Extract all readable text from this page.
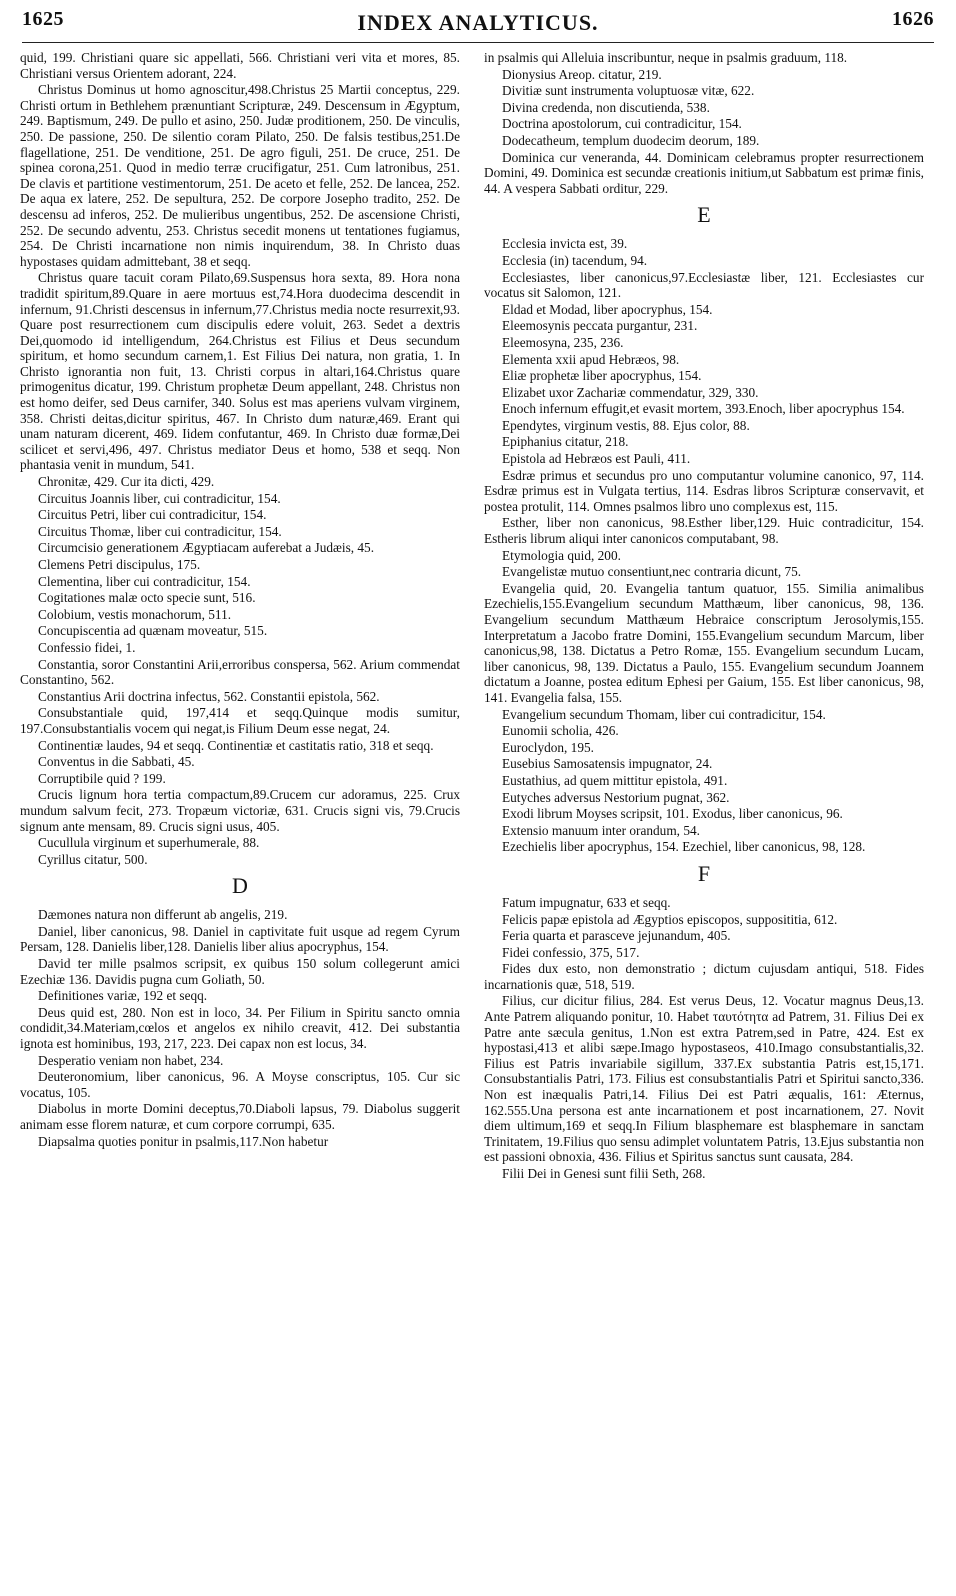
1625	INDEX ANALYTICUS.	1626
quid, 199. Christiani quare sic appellati, 566. Christiani veri vita et mores, 85. Christiani versus Orientem adorant, 224.
Christus Dominus ut homo agnoscitur,498.Christus 25 Martii conceptus, 229. Christi ortum in Bethlehem prænuntiant Scripturæ, 249. Descensum in Ægyptum, 249. Baptismum, 249. De pullo et asino, 250. Judæ proditionem, 250. De vinculis, 250. De passione, 250. De silentio coram Pilato, 250. De falsis testibus,251.De flagellatione, 251. De venditione, 251. De agro figuli, 251. De cruce, 251. De spinea corona,251. Quod in medio terræ crucifigatur, 251. Cum latronibus, 251. De clavis et partitione vestimentorum, 251. De aceto et felle, 252. De lancea, 252. De aqua ex latere, 252. De sepultura, 252. De corpore Josepho tradito, 252. De descensu ad inferos, 252. De mulieribus ungentibus, 252. De ascensione Christi, 252. De secundo adventu, 253. Christus secedit monens ut tentationes fugiamus, 254. De Christi incarnatione non nimis inquirendum, 38. In Christo duas hypostases quidam admittebant, 38 et seqq.
Christus quare tacuit coram Pilato,69.Suspensus hora sexta, 89. Hora nona tradidit spiritum,89.Quare in aere mortuus est,74.Hora duodecima descendit in infernum, 91.Christi descensus in infernum,77.Christus media nocte resurrexit,93. Quare post resurrectionem cum discipulis edere voluit, 263. Sedet a dextris Dei,quomodo id intelligendum, 264.Christus est Filius et Deus secundum spiritum, et homo secundum carnem,1. Est Filius Dei natura, non gratia, 1. In Christo ignorantia non fuit, 13. Christi corpus in altari,164.Christus quare primogenitus dicatur, 199. Christum prophetæ Deum appellant, 248. Christus non est homo deifer, sed Deus carnifer, 340. Solus est mas aperiens vulvam virginem, 358. Christi deitas,dicitur spiritus, 467. In Christo dum naturæ,469. Erant qui unam naturam dicerent, 469. Iidem confutantur, 469. In Christo duæ formæ,Dei scilicet et servi,496, 497. Christus mediator Deus et homo, 538 et seqq. Non phantasia venit in mundum, 541.
Chronitæ, 429. Cur ita dicti, 429.
Circuitus Joannis liber, cui contradicitur, 154.
Circuitus Petri, liber cui contradicitur, 154.
Circuitus Thomæ, liber cui contradicitur, 154.
Circumcisio generationem Ægyptiacam auferebat a Judæis, 45.
Clemens Petri discipulus, 175.
Clementina, liber cui contradicitur, 154.
Cogitationes malæ octo specie sunt, 516.
Colobium, vestis monachorum, 511.
Concupiscentia ad quænam moveatur, 515.
Confessio fidei, 1.
Constantia, soror Constantini Arii,erroribus conspersa, 562. Arium commendat Constantino, 562.
Constantius Arii doctrina infectus, 562. Constantii epistola, 562.
Consubstantiale quid, 197,414 et seqq.Quinque modis sumitur, 197.Consubstantialis vocem qui negat,is Filium Deum esse negat, 24.
Continentiæ laudes, 94 et seqq. Continentiæ et castitatis ratio, 318 et seqq.
Conventus in die Sabbati, 45.
Corruptibile quid ? 199.
Crucis lignum hora tertia compactum,89.Crucem cur adoramus, 225. Crux mundum salvum fecit, 273. Tropæum victoriæ, 631. Crucis signi vis, 79.Crucis signum ante mensam, 89. Crucis signi usus, 405.
Cucullula virginum et superhumerale, 88.
Cyrillus citatur, 500.
D
Dæmones natura non differunt ab angelis, 219.
Daniel, liber canonicus, 98. Daniel in captivitate fuit usque ad regem Cyrum Persam, 128. Danielis liber,128. Danielis liber alius apocryphus, 154.
David ter mille psalmos scripsit, ex quibus 150 solum collegerunt amici Ezechiæ 136. Davidis pugna cum Goliath, 50.
Definitiones variæ, 192 et seqq.
Deus quid est, 280. Non est in loco, 34. Per Filium in Spiritu sancto omnia condidit,34.Materiam,cœlos et angelos ex nihilo creavit, 412. Dei substantia ignota est hominibus, 193, 217, 223. Dei capax non est locus, 34.
Desperatio veniam non habet, 234.
Deuteronomium, liber canonicus, 96. A Moyse conscriptus, 105. Cur sic vocatus, 105.
Diabolus in morte Domini deceptus,70.Diaboli lapsus, 79. Diabolus suggerit animam esse florem naturæ, et cum corpore corrumpi, 635.
Diapsalma quoties ponitur in psalmis,117.Non habetur
in psalmis qui Alleluia inscribuntur, neque in psalmis graduum, 118.
Dionysius Areop. citatur, 219.
Divitiæ sunt instrumenta voluptuosæ vitæ, 622.
Divina credenda, non discutienda, 538.
Doctrina apostolorum, cui contradicitur, 154.
Dodecatheum, templum duodecim deorum, 189.
Dominica cur veneranda, 44. Dominicam celebramus propter resurrectionem Domini, 49. Dominica est secundæ creationis initium,ut Sabbatum est primæ finis, 44. A vespera Sabbati orditur, 229.
E
Ecclesia invicta est, 39.
Ecclesia (in) tacendum, 94.
Ecclesiastes, liber canonicus,97.Ecclesiastæ liber, 121. Ecclesiastes cur vocatus sit Salomon, 121.
Eldad et Modad, liber apocryphus, 154.
Eleemosynis peccata purgantur, 231.
Eleemosyna, 235, 236.
Elementa xxii apud Hebræos, 98.
Eliæ prophetæ liber apocryphus, 154.
Elizabet uxor Zachariæ commendatur, 329, 330.
Enoch infernum effugit,et evasit mortem, 393.Enoch, liber apocryphus 154.
Ependytes, virginum vestis, 88. Ejus color, 88.
Epiphanius citatur, 218.
Epistola ad Hebræos est Pauli, 411.
Esdræ primus et secundus pro uno computantur volumine canonico, 97, 114. Esdræ primus est in Vulgata tertius, 114. Esdras libros Scripturæ conservavit, et postea protulit, 114. Omnes psalmos libro uno complexus est, 115.
Esther, liber non canonicus, 98.Esther liber,129. Huic contradicitur, 154. Estheris librum aliqui inter canonicos computabant, 98.
Etymologia quid, 200.
Evangelistæ mutuo consentiunt,nec contraria dicunt, 75.
Evangelia quid, 20. Evangelia tantum quatuor, 155. Similia animalibus Ezechielis,155.Evangelium secundum Matthæum, liber canonicus, 98, 136. Evangelium secundum Matthæum Hebraice conscriptum Jerosolymis,155. Interpretatum a Jacobo fratre Domini, 155.Evangelium secundum Marcum, liber canonicus,98, 138. Dictatus a Petro Romæ, 155. Evangelium secundum Lucam, liber canonicus, 98, 139. Dictatus a Paulo, 155. Evangelium secundum Joannem dictatum a Joanne, postea editum Ephesi per Gaium, 155. Est liber canonicus, 98, 141. Evangelia falsa, 155.
Evangelium secundum Thomam, liber cui contradicitur, 154.
Eunomii scholia, 426.
Euroclydon, 195.
Eusebius Samosatensis impugnator, 24.
Eustathius, ad quem mittitur epistola, 491.
Eutyches adversus Nestorium pugnat, 362.
Exodi librum Moyses scripsit, 101. Exodus, liber canonicus, 96.
Extensio manuum inter orandum, 54.
Ezechielis liber apocryphus, 154. Ezechiel, liber canonicus, 98, 128.
F
Fatum impugnatur, 633 et seqq.
Felicis papæ epistola ad Ægyptios episcopos, supposititia, 612.
Feria quarta et parasceve jejunandum, 405.
Fidei confessio, 375, 517.
Fides dux esto, non demonstratio ; dictum cujusdam antiqui, 518. Fides incarnationis quæ, 518, 519.
Filius, cur dicitur filius, 284. Est verus Deus, 12. Vocatur magnus Deus,13. Ante Patrem aliquando ponitur, 10. Habet ταυτότητα ad Patrem, 31. Filius Dei ex Patre ante sæcula genitus, 1.Non est extra Patrem,sed in Patre, 424. Est ex hypostasi,413 et alibi sæpe.Imago hypostaseos, 410.Imago consubstantialis,32. Filius est Patris invariabile sigillum, 337.Ex substantia Patris est,15,171. Consubstantialis Patri, 173. Filius est consubstantialis Patri et Spiritui sancto,336. Non est inæqualis Patri,14. Filius Dei est Patri æqualis, 161: Æternus, 162.555.Una persona est ante incarnationem et post incarnationem, 27. Novit diem ultimum,169 et seqq.In Filium blasphemare est blasphemare in sanctam Trinitatem, 19.Filius quo sensu adimplet voluntatem Patris, 13.Ejus substantia non est passioni obnoxia, 436. Filius et Spiritus sanctus sunt causata, 284.
Filii Dei in Genesi sunt filii Seth, 268.
